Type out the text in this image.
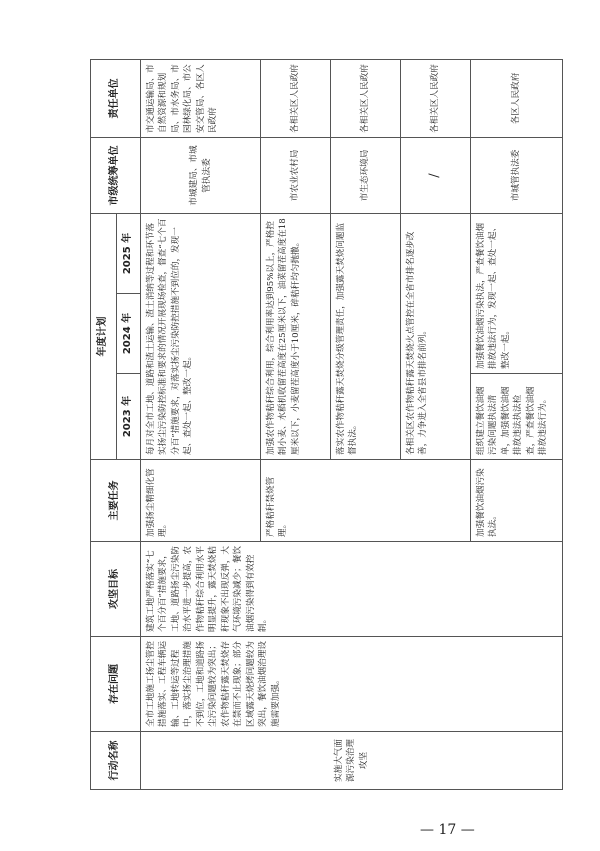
行动名称	存在问题	攻坚目标	主要任务	年度计划			市级统筹单位	责任单位
				2023 年	2024 年	2025 年		
实施大气面源污染治理攻坚	全市工地施工扬尘管控措施落实、工程车辆运输、工地转运等过程中，落实扬尘治理措施不到位，工地和道路扬尘污染问题较为突出；农作物秸秆露天焚烧存在禁而不止现象；部分区域露天烧烤问题较为突出，餐饮油烟治理设施需要加强。	建筑工地严格落实“七个百分百”措施要求，工地、道路扬尘污染防治水平进一步提高，农作物秸秆综合利用水平明显提升，露天焚烧秸秆现象不出现反弹，大气环境污染减少；餐饮油烟污染得到有效控制。	加强扬尘精细化管理。	每月对全市工地、道路和渣土运输、渣土消纳等过程和环节落实扬尘污染防控标准和要求的情况开展现场检查，督查“七个百分百”措施要求，对落实扬尘污染防控措施不到位的，发现一起、查处一起、整改一起。			市城建局、市城管执法委	市交通运输局、市自然资源和规划局、市水务局、市园林绿化局、市公安交管局、各区人民政府
			严格秸秆禁烧管理。	加强农作物秸秆综合利用，综合利用率达到95%以上，严格控制小麦、水稻机收留茬高度在25厘米以下，油菜留茬高度在18厘米以下，小麦留茬高度小于10厘米，碎秸秆均匀抛撒。			市农业农村局	各相关区人民政府
				落实农作物秸秆露天焚烧分级管理责任，加强露天焚烧问题监督执法。			市生态环境局	各相关区人民政府
				各相关区农作物秸秆露天焚烧火点管控在全省市排名逐步改善，力争进入全省县市排名前列。			/	各相关区人民政府
			加强餐饮油烟污染执法。	组织建立餐饮油烟污染问题执法清单，加强餐饮油烟排放违法执法检查，严查餐饮油烟排放违法行为。	加强餐饮油烟污染执法，严查餐饮油烟排放违法行为，发现一起、查处一起、整改一起。		市城管执法委	各区人民政府
— 17 —
